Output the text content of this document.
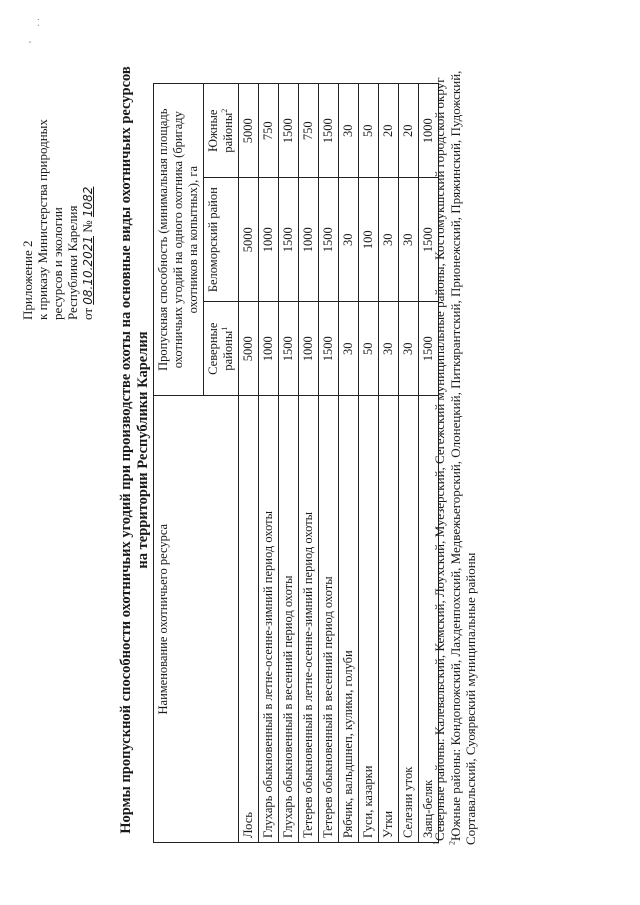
· ·
'
Приложение 2 к приказу Министерства природных ресурсов и экологии Республики Карелия от 08.10.2021 № 1082 Нормы пропускной способности охотничьих угодий при производстве охоты на основные виды охотничьих ресурсов на территории Республики Карелия
Наименование охотничьего ресурса	Пропускная способность (минимальная площадь охотничьих угодий на одного охотника (бригаду охотников на копытных), га		
	Северные районы$^1$	Беломорский район	Южные районы$^2$
Лось	5000	5000	5000
Глухарь обыкновенный в летне-осенне-зимний период охоты	1000	1000	750
Глухарь обыкновенный в весенний период охоты	1500	1500	1500
Тетерев обыкновенный в летне-осенне-зимний период охоты	1000	1000	750
Тетерев обыкновенный в весенний период охоты	1500	1500	1500
Рябчик, вальдшнеп, кулики, голуби	30	30	30
Гуси, казарки	50	100	50
Утки	30	30	20
Селезни уток	30	30	20
Заяц-беляк	1500	1500	1000

$^1$Северные районы: Калевальский, Кемский, Лоухский, Муезерский, Сегежский муниципальные районы, Костомукшский городской округ

$^2$Южные районы: Кондопожский, Лахденпохский, Медвежьегорский, Олонецкий, Питкярантский, Прионежский, Пряжинский, Пудожский, Сортавальский, Суоярвский муниципальные районы
